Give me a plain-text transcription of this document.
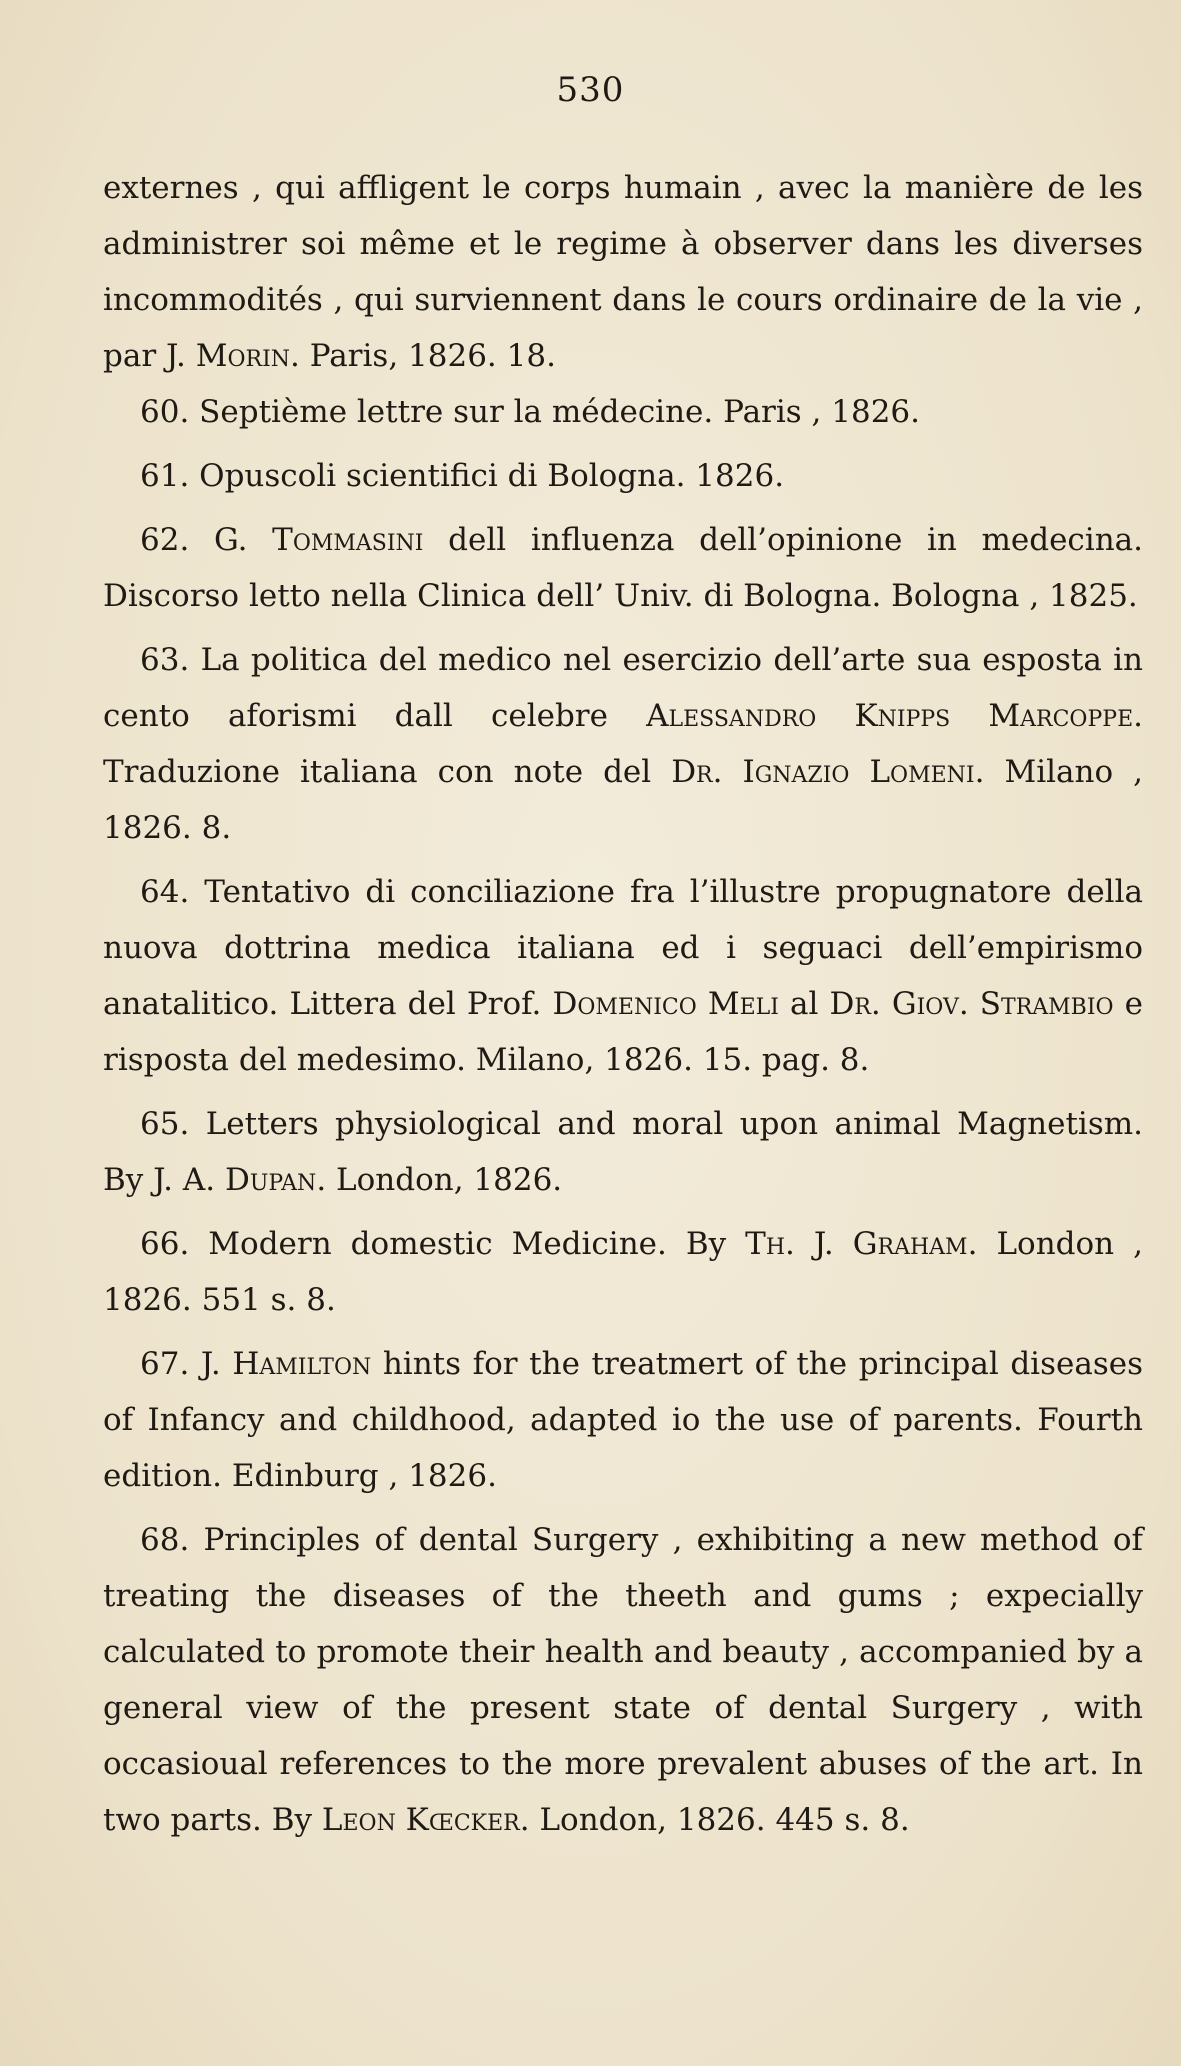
530

externes , qui affligent le corps humain , avec la manière de les administrer soi même et le regime à observer dans les diverses incommodités , qui surviennent dans le cours ordinaire de la vie , par J. Morin. Paris, 1826. 18.

60. Septième lettre sur la médecine. Paris , 1826.

61. Opuscoli scientifici di Bologna. 1826.

62. G. Tommasini dell influenza dell’opinione in medecina. Discorso letto nella Clinica dell’ Univ. di Bologna. Bologna , 1825.

63. La politica del medico nel esercizio dell’arte sua esposta in cento aforismi dall celebre Alessandro Knipps Marcoppe. Traduzione italiana con note del Dr. Ignazio Lomeni. Milano , 1826. 8.

64. Tentativo di conciliazione fra l’illustre propugnatore della nuova dottrina medica italiana ed i seguaci dell’empirismo anatalitico. Littera del Prof. Domenico Meli al Dr. Giov. Strambio e risposta del medesimo. Milano, 1826. 15. pag. 8.

65. Letters physiological and moral upon animal Magnetism. By J. A. Dupan. London, 1826.

66. Modern domestic Medicine. By Th. J. Graham. London , 1826. 551 s. 8.

67. J. Hamilton hints for the treatmert of the principal diseases of Infancy and childhood, adapted io the use of parents. Fourth edition. Edinburg , 1826.

68. Principles of dental Surgery , exhibiting a new method of treating the diseases of the theeth and gums ; expecially calculated to promote their health and beauty , accompanied by a general view of the present state of dental Surgery , with occasioual references to the more prevalent abuses of the art. In two parts. By Leon Kœcker. London, 1826. 445 s. 8.
